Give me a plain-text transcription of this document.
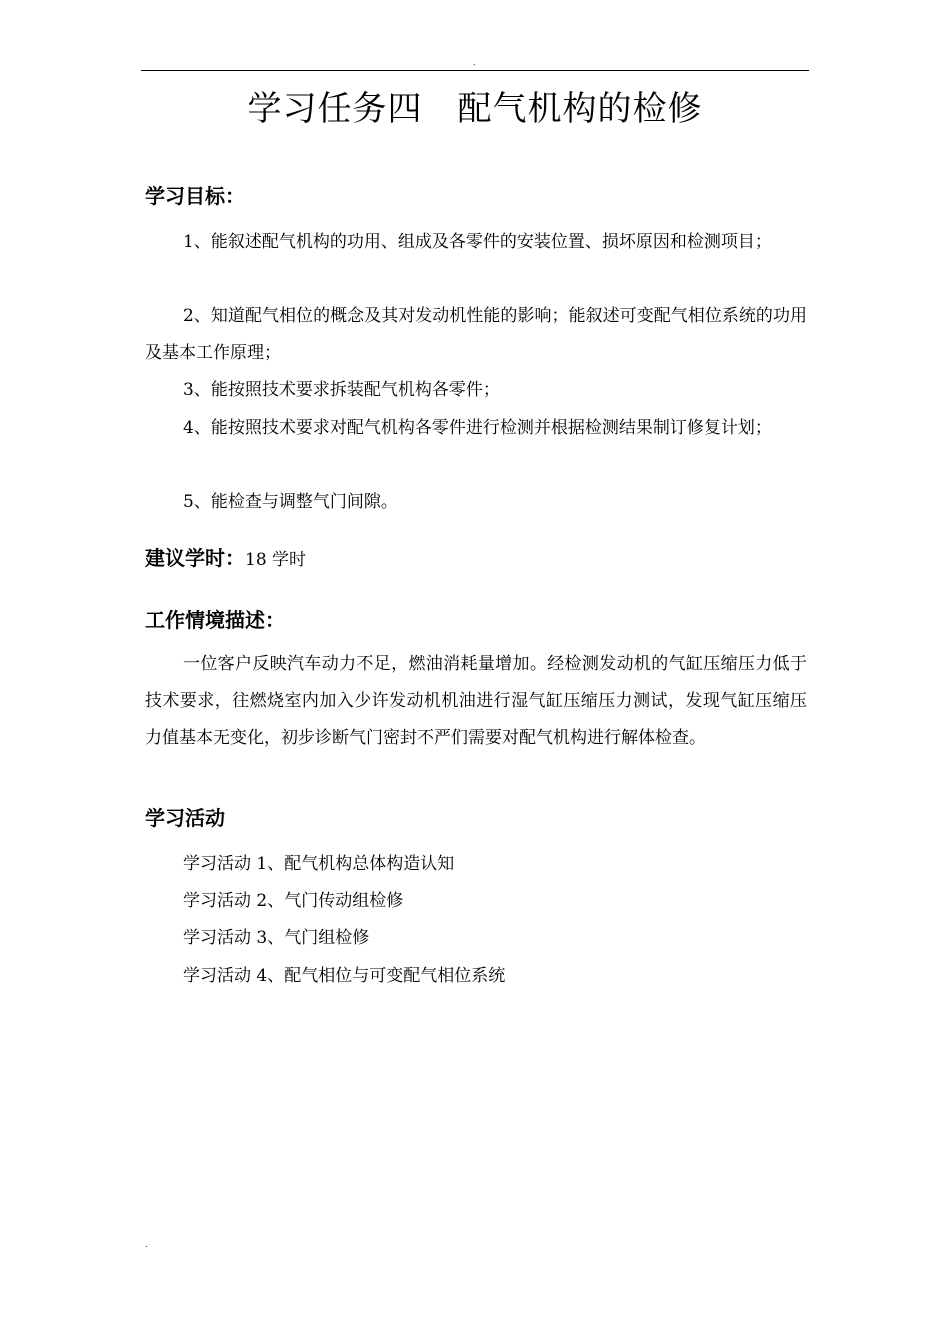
.
学习任务四　配气机构的检修
学习目标：
1、能叙述配气机构的功用、组成及各零件的安装位置、损坏原因和检测项目；
2、知道配气相位的概念及其对发动机性能的影响；能叙述可变配气相位系统的功用及基本工作原理；
3、能按照技术要求拆装配气机构各零件；
4、能按照技术要求对配气机构各零件进行检测并根据检测结果制订修复计划；
5、能检查与调整气门间隙。
建议学时：18 学时
工作情境描述：
一位客户反映汽车动力不足，燃油消耗量增加。经检测发动机的气缸压缩压力低于技术要求，往燃烧室内加入少许发动机机油进行湿气缸压缩压力测试，发现气缸压缩压力值基本无变化，初步诊断气门密封不严们需要对配气机构进行解体检查。
学习活动
学习活动 1、配气机构总体构造认知
学习活动 2、气门传动组检修
学习活动 3、气门组检修
学习活动 4、配气相位与可变配气相位系统
.
